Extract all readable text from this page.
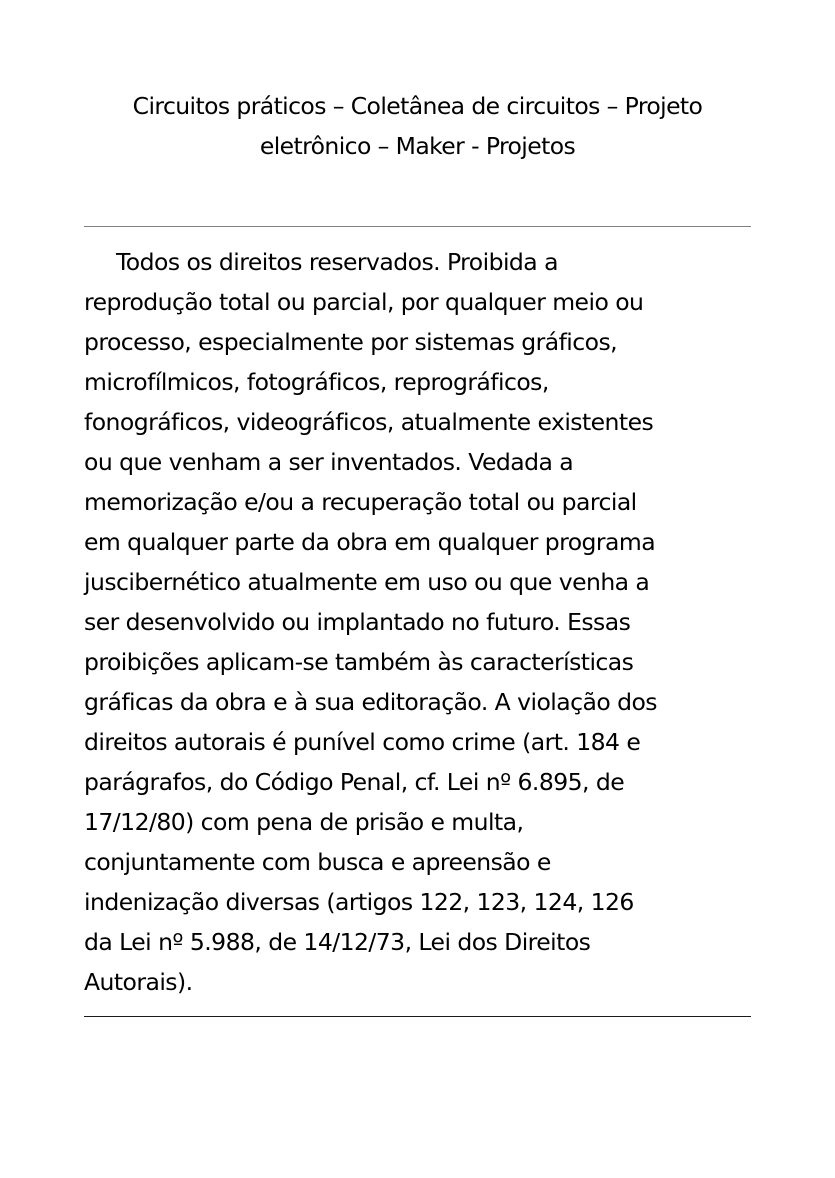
Circuitos práticos – Coletânea de circuitos – Projeto
eletrônico – Maker - Projetos
Todos os direitos reservados. Proibida a
reprodução total ou parcial, por qualquer meio ou
processo, especialmente por sistemas gráficos,
microfílmicos, fotográficos, reprográficos,
fonográficos, videográficos, atualmente existentes
ou que venham a ser inventados. Vedada a
memorização e/ou a recuperação total ou parcial
em qualquer parte da obra em qualquer programa
juscibernético atualmente em uso ou que venha a
ser desenvolvido ou implantado no futuro. Essas
proibições aplicam-se também às características
gráficas da obra e à sua editoração. A violação dos
direitos autorais é punível como crime (art. 184 e
parágrafos, do Código Penal, cf. Lei nº 6.895, de
17/12/80) com pena de prisão e multa,
conjuntamente com busca e apreensão e
indenização diversas (artigos 122, 123, 124, 126
da Lei nº 5.988, de 14/12/73, Lei dos Direitos
Autorais).
